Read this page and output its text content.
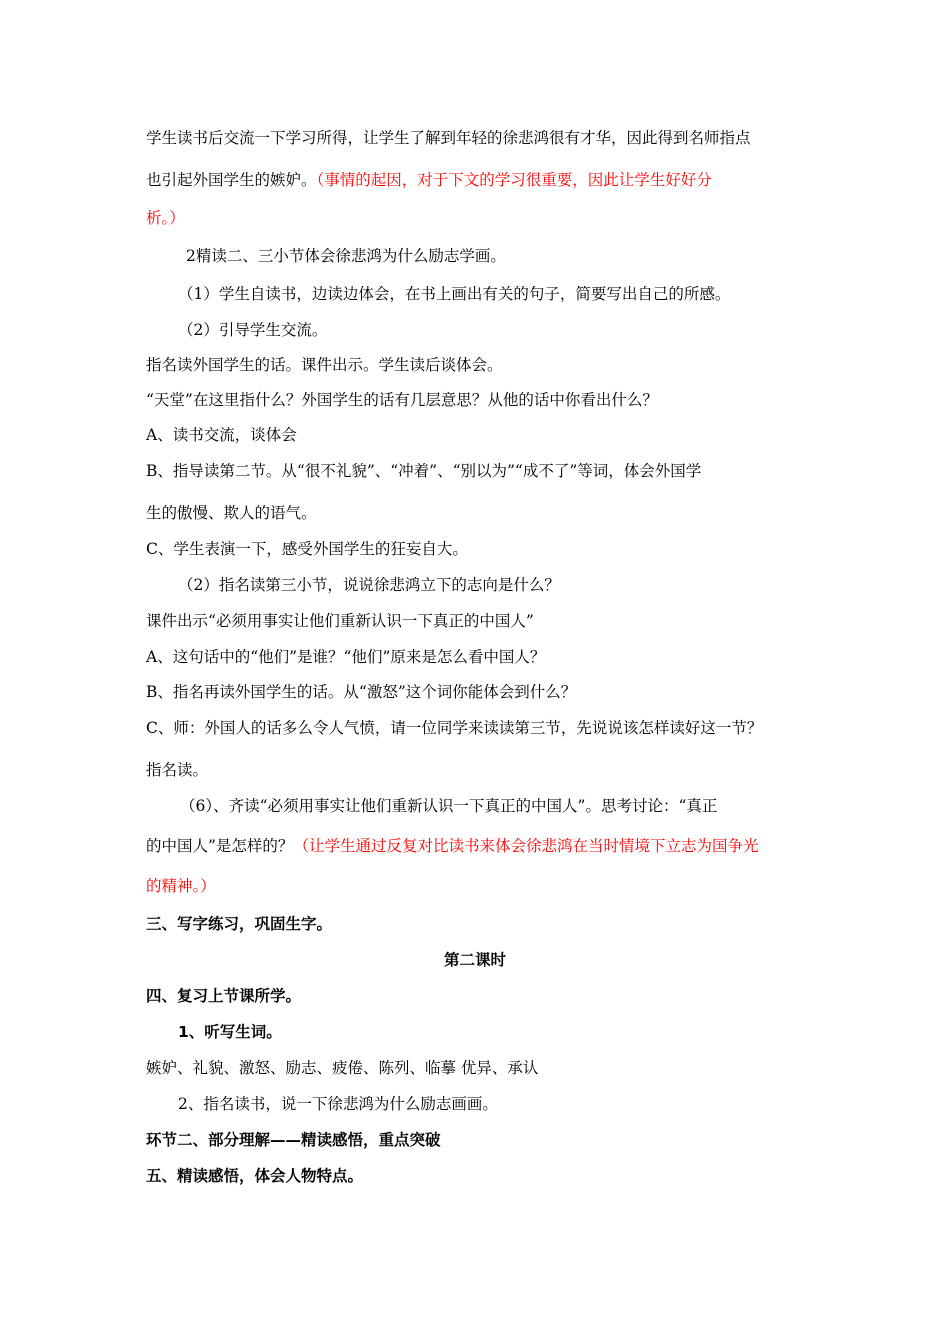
学生读书后交流一下学习所得，让学生了解到年轻的徐悲鸿很有才华，因此得到名师指点
也引起外国学生的嫉妒。（事情的起因，对于下文的学习很重要，因此让学生好好分
析。）
2精读二、三小节体会徐悲鸿为什么励志学画。
（1）学生自读书，边读边体会，在书上画出有关的句子，简要写出自己的所感。
（2）引导学生交流。
指名读外国学生的话。课件出示。学生读后谈体会。
“天堂”在这里指什么？外国学生的话有几层意思？从他的话中你看出什么？
A、读书交流，谈体会
B、指导读第二节。从“很不礼貌”、“冲着”、“别以为”“成不了”等词，体会外国学
生的傲慢、欺人的语气。
C、学生表演一下，感受外国学生的狂妄自大。
（2）指名读第三小节，说说徐悲鸿立下的志向是什么？
课件出示“必须用事实让他们重新认识一下真正的中国人”
A、这句话中的“他们”是谁？“他们”原来是怎么看中国人？
B、指名再读外国学生的话。从“激怒”这个词你能体会到什么？
C、师：外国人的话多么令人气愤，请一位同学来读读第三节，先说说该怎样读好这一节？
指名读。
（6）、齐读“必须用事实让他们重新认识一下真正的中国人”。思考讨论：“真正
的中国人”是怎样的？（让学生通过反复对比读书来体会徐悲鸿在当时情境下立志为国争光
的精神。）
三、写字练习，巩固生字。
第二课时
四、复习上节课所学。
1、听写生词。
嫉妒、礼貌、激怒、励志、疲倦、陈列、临摹 优异、承认
2、指名读书，说一下徐悲鸿为什么励志画画。
环节二、部分理解——精读感悟，重点突破
五、精读感悟，体会人物特点。
